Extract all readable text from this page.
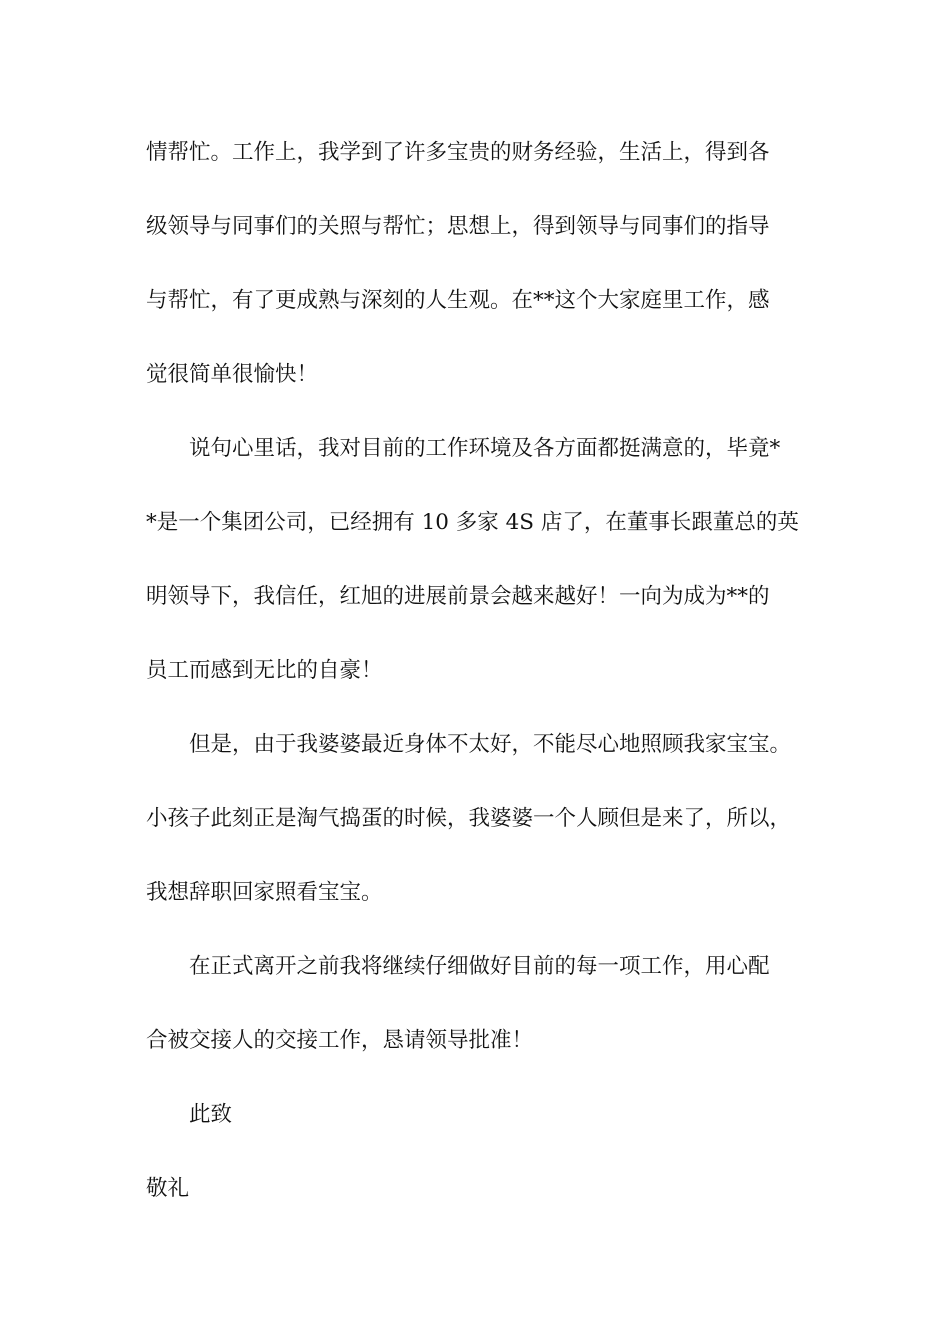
情帮忙。工作上，我学到了许多宝贵的财务经验，生活上，得到各
级领导与同事们的关照与帮忙；思想上，得到领导与同事们的指导
与帮忙，有了更成熟与深刻的人生观。在**这个大家庭里工作，感
觉很简单很愉快！
说句心里话，我对目前的工作环境及各方面都挺满意的，毕竟*
*是一个集团公司，已经拥有 10 多家 4S 店了，在董事长跟董总的英
明领导下，我信任，红旭的进展前景会越来越好！一向为成为**的
员工而感到无比的自豪！
但是，由于我婆婆最近身体不太好，不能尽心地照顾我家宝宝。
小孩子此刻正是淘气捣蛋的时候，我婆婆一个人顾但是来了，所以，
我想辞职回家照看宝宝。
在正式离开之前我将继续仔细做好目前的每一项工作，用心配
合被交接人的交接工作，恳请领导批准！
此致
敬礼
